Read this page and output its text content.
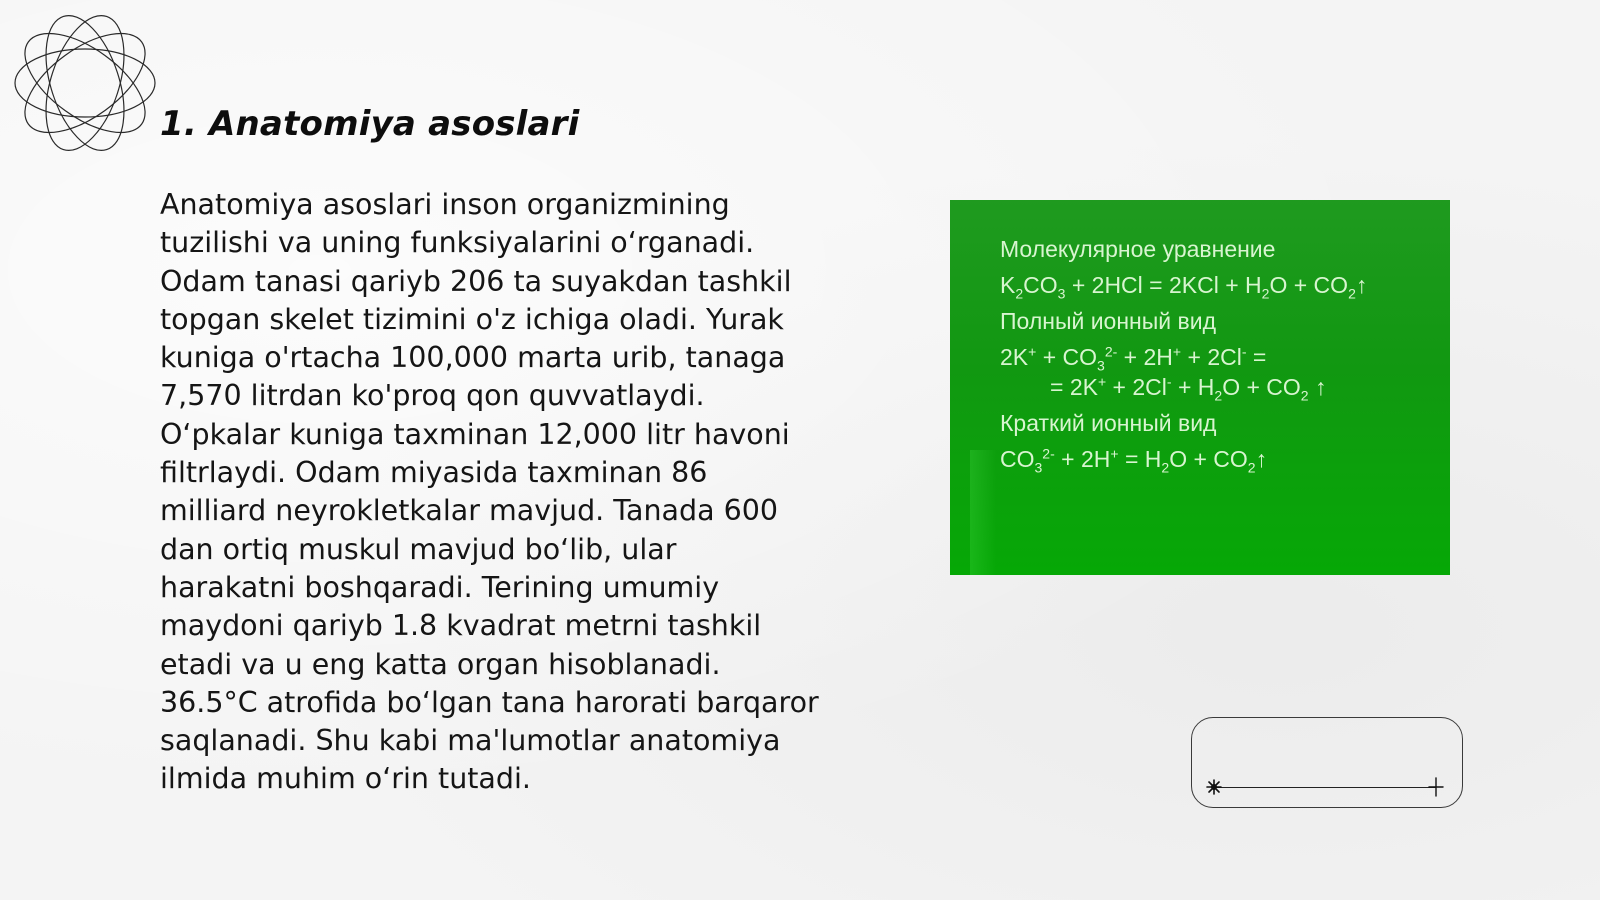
1. Anatomiya asoslari

Anatomiya asoslari inson organizmining tuzilishi va uning funksiyalarini o‘rganadi. Odam tanasi qariyb 206 ta suyakdan tashkil topgan skelet tizimini o'z ichiga oladi. Yurak kuniga o'rtacha 100,000 marta urib, tanaga 7,570 litrdan ko'proq qon quvvatlaydi. O‘pkalar kuniga taxminan 12,000 litr havoni filtrlaydi. Odam miyasida taxminan 86 milliard neyrokletkalar mavjud. Tanada 600 dan ortiq muskul mavjud bo‘lib, ular harakatni boshqaradi. Terining umumiy maydoni qariyb 1.8 kvadrat metrni tashkil etadi va u eng katta organ hisoblanadi. 36.5°C atrofida bo‘lgan tana harorati barqaror saqlanadi. Shu kabi ma'lumotlar anatomiya ilmida muhim o‘rin tutadi.

Молекулярное уравнение

$K_2CO_3 + 2HCl = 2KCl + H_2O$ + $CO_2↑$

Полный ионный вид

$2K^+ + CO_3^{2-} + 2H^+ + 2Cl^-$ =

= $2K^+ + 2Cl^- + H_2O + CO_2$ ↑

Краткий ионный вид

$CO_3^{2-} + 2H^+ = H_2O$ + $CO_2↑$
